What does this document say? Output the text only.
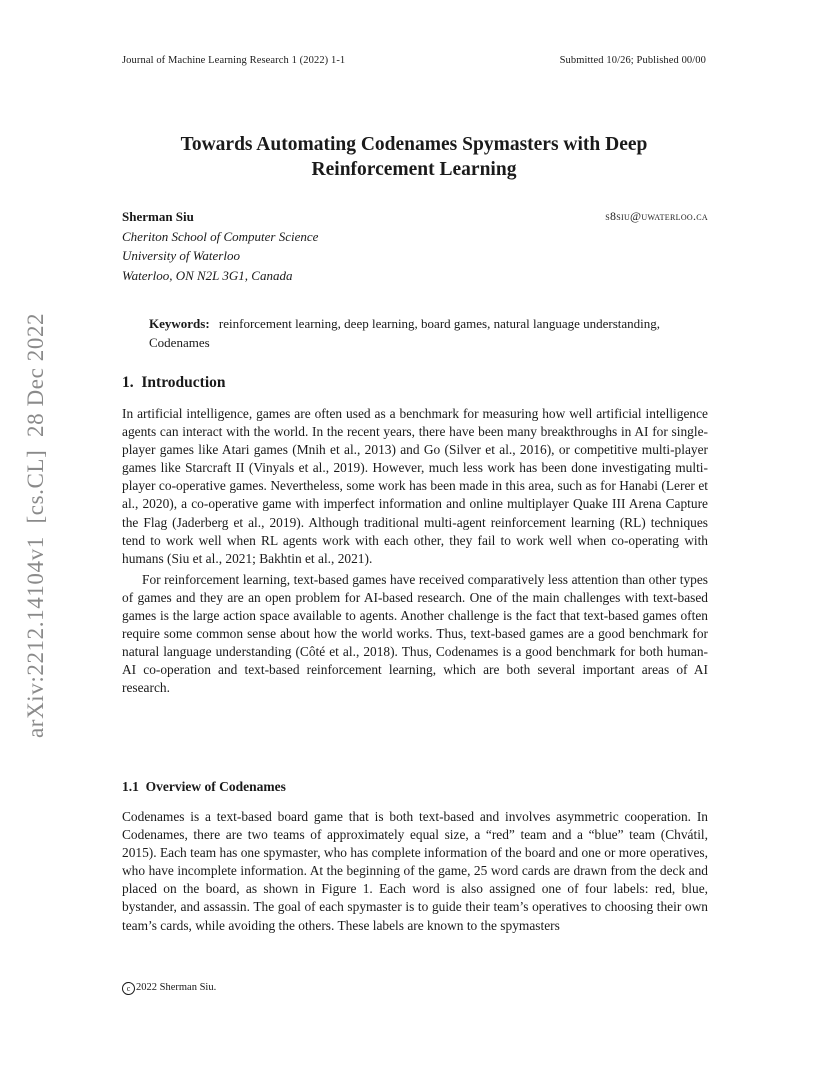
Journal of Machine Learning Research 1 (2022) 1-1	Submitted 10/26; Published 00/00
arXiv:2212.14104v1  [cs.CL]  28 Dec 2022
Towards Automating Codenames Spymasters with Deep
Reinforcement Learning
Sherman Siu	s8siu@uwaterloo.ca
Cheriton School of Computer Science
University of Waterloo
Waterloo, ON N2L 3G1, Canada
Keywords: reinforcement learning, deep learning, board games, natural language understanding, Codenames
1.  Introduction

In artificial intelligence, games are often used as a benchmark for measuring how well artificial intelligence agents can interact with the world. In the recent years, there have been many breakthroughs in AI for single-player games like Atari games (Mnih et al., 2013) and Go (Silver et al., 2016), or competitive multi-player games like Starcraft II (Vinyals et al., 2019). However, much less work has been done investigating multi-player co-operative games. Nevertheless, some work has been made in this area, such as for Hanabi (Lerer et al., 2020), a co-operative game with imperfect information and online multiplayer Quake III Arena Capture the Flag (Jaderberg et al., 2019). Although traditional multi-agent reinforcement learning (RL) techniques tend to work well when RL agents work with each other, they fail to work well when co-operating with humans (Siu et al., 2021; Bakhtin et al., 2021).

For reinforcement learning, text-based games have received comparatively less attention than other types of games and they are an open problem for AI-based research. One of the main challenges with text-based games is the large action space available to agents. Another challenge is the fact that text-based games often require some common sense about how the world works. Thus, text-based games are a good benchmark for natural language understanding (Côté et al., 2018). Thus, Codenames is a good benchmark for both human-AI co-operation and text-based reinforcement learning, which are both several important areas of AI research.

1.1  Overview of Codenames

Codenames is a text-based board game that is both text-based and involves asymmetric cooperation. In Codenames, there are two teams of approximately equal size, a “red” team and a “blue” team (Chvátil, 2015). Each team has one spymaster, who has complete information of the board and one or more operatives, who have incomplete information. At the beginning of the game, 25 word cards are drawn from the deck and placed on the board, as shown in Figure 1. Each word is also assigned one of four labels: red, blue, bystander, and assassin. The goal of each spymaster is to guide their team’s operatives to choosing their own team’s cards, while avoiding the others. These labels are known to the spymasters

c 2022 Sherman Siu.
